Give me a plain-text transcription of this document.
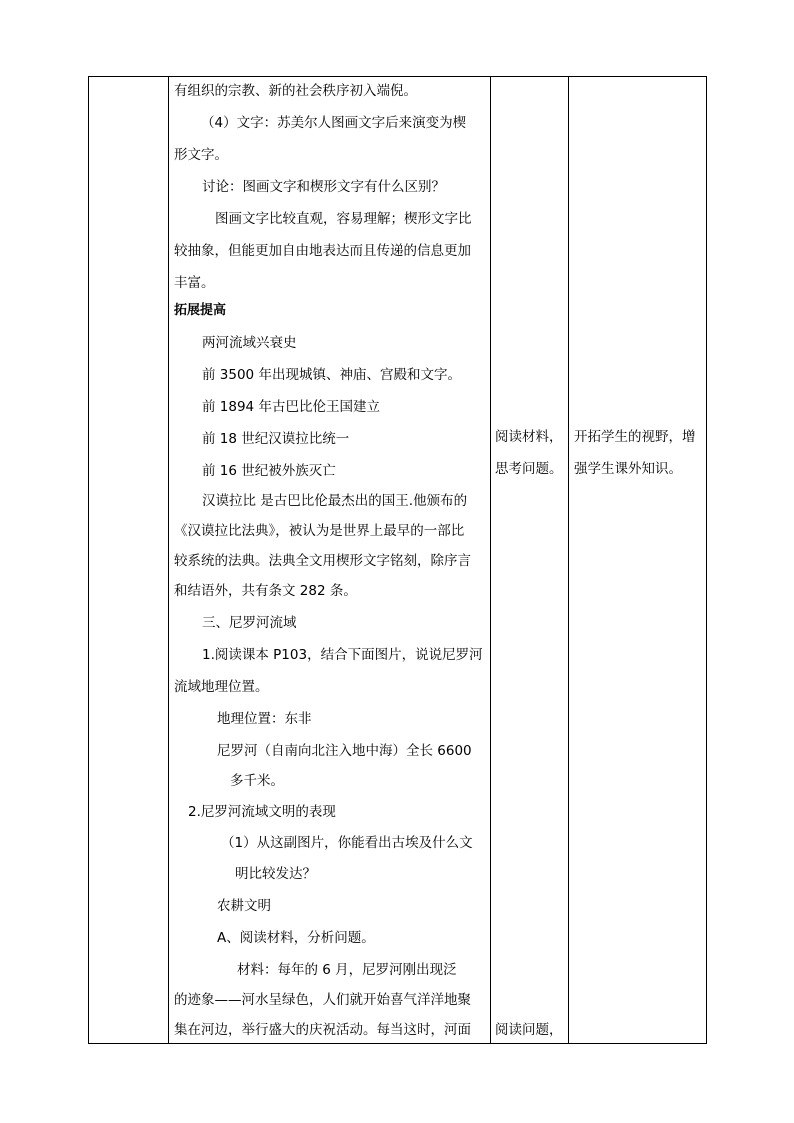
有组织的宗教、新的社会秩序初入端倪。
（4）文字：苏美尔人图画文字后来演变为楔
形文字。
讨论：图画文字和楔形文字有什么区别？
图画文字比较直观，容易理解；楔形文字比
较抽象，但能更加自由地表达而且传递的信息更加
丰富。
拓展提高
两河流域兴衰史
前 3500 年出现城镇、神庙、宫殿和文字。
前 1894 年古巴比伦王国建立
前 18 世纪汉谟拉比统一
前 16 世纪被外族灭亡
汉谟拉比 是古巴比伦最杰出的国王.他颁布的
《汉谟拉比法典》，被认为是世界上最早的一部比
较系统的法典。法典全文用楔形文字铭刻，除序言
和结语外，共有条文 282 条。
三、尼罗河流域
1.阅读课本 P103，结合下面图片，说说尼罗河
流域地理位置。
地理位置：东非
尼罗河（自南向北注入地中海）全长 6600
多千米。
2.尼罗河流域文明的表现
（1）从这副图片，你能看出古埃及什么文
明比较发达？
农耕文明
A、阅读材料，分析问题。
材料：每年的 6 月，尼罗河刚出现泛
的迹象——河水呈绿色，人们就开始喜气洋洋地聚
集在河边，举行盛大的庆祝活动。每当这时，河面
阅读材料，
思考问题。
阅读问题，
开拓学生的视野，增
强学生课外知识。
